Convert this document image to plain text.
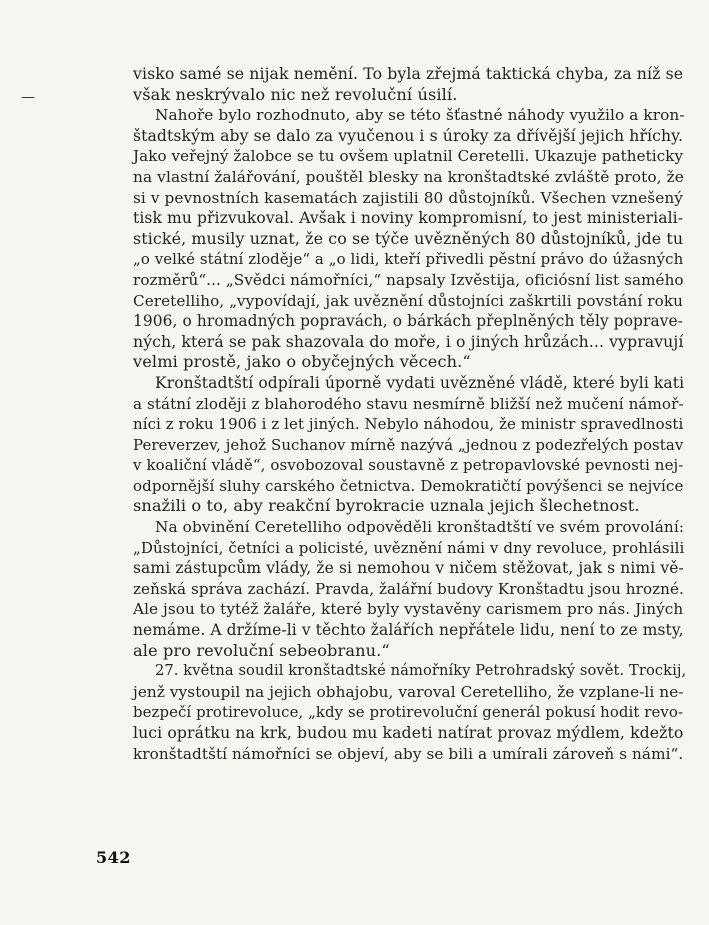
visko samé se nijak nemění. To byla zřejmá taktická chyba, za níž se
však neskrývalo nic než revoluční úsilí.
Nahoře bylo rozhodnuto, aby se této šťastné náhody využilo a kron-
štadtským aby se dalo za vyučenou i s úroky za dřívější jejich hříchy.
Jako veřejný žalobce se tu ovšem uplatnil Ceretelli. Ukazuje patheticky
na vlastní žalářování, pouštěl blesky na kronštadtské zvláště proto, že
si v pevnostních kasematách zajistili 80 důstojníků. Všechen vznešený
tisk mu přizvukoval. Avšak i noviny kompromisní, to jest ministeriali-
stické, musily uznat, že co se týče uvězněných 80 důstojníků, jde tu
„o velké státní zloděje“ a „o lidi, kteří přivedli pěstní právo do úžasných
rozměrů“... „Svědci námořníci,“ napsaly Izvěstija, oficiósní list samého
Ceretelliho, „vypovídají, jak uvěznění důstojníci zaškrtili povstání roku
1906, o hromadných popravách, o bárkách přeplněných těly poprave-
ných, která se pak shazovala do moře, i o jiných hrůzách... vypravují
velmi prostě, jako o obyčejných věcech.“
Kronštadtští odpírali úporně vydati uvězněné vládě, které byli kati
a státní zloději z blahorodého stavu nesmírně bližší než mučení námoř-
níci z roku 1906 i z let jiných. Nebylo náhodou, že ministr spravedlnosti
Pereverzev, jehož Suchanov mírně nazývá „jednou z podezřelých postav
v koaliční vládě“, osvobozoval soustavně z petropavlovské pevnosti nej-
odpornější sluhy carského četnictva. Demokratičtí povýšenci se nejvíce
snažili o to, aby reakční byrokracie uznala jejich šlechetnost.
Na obvinění Ceretelliho odpověděli kronštadtští ve svém provolání:
„Důstojníci, četníci a policisté, uvěznění námi v dny revoluce, prohlásili
sami zástupcům vlády, že si nemohou v ničem stěžovat, jak s nimi vě-
zeňská správa zachází. Pravda, žalářní budovy Kronštadtu jsou hrozné.
Ale jsou to tytéž žaláře, které byly vystavěny carismem pro nás. Jiných
nemáme. A držíme-li v těchto žalářích nepřátele lidu, není to ze msty,
ale pro revoluční sebeobranu.“
27. května soudil kronštadtské námořníky Petrohradský sovět. Trockij,
jenž vystoupil na jejich obhajobu, varoval Ceretelliho, že vzplane-li ne-
bezpečí protirevoluce, „kdy se protirevoluční generál pokusí hodit revo-
luci oprátku na krk, budou mu kadeti natírat provaz mýdlem, kdežto
kronštadtští námořníci se objeví, aby se bili a umírali zároveň s námi“.
542
